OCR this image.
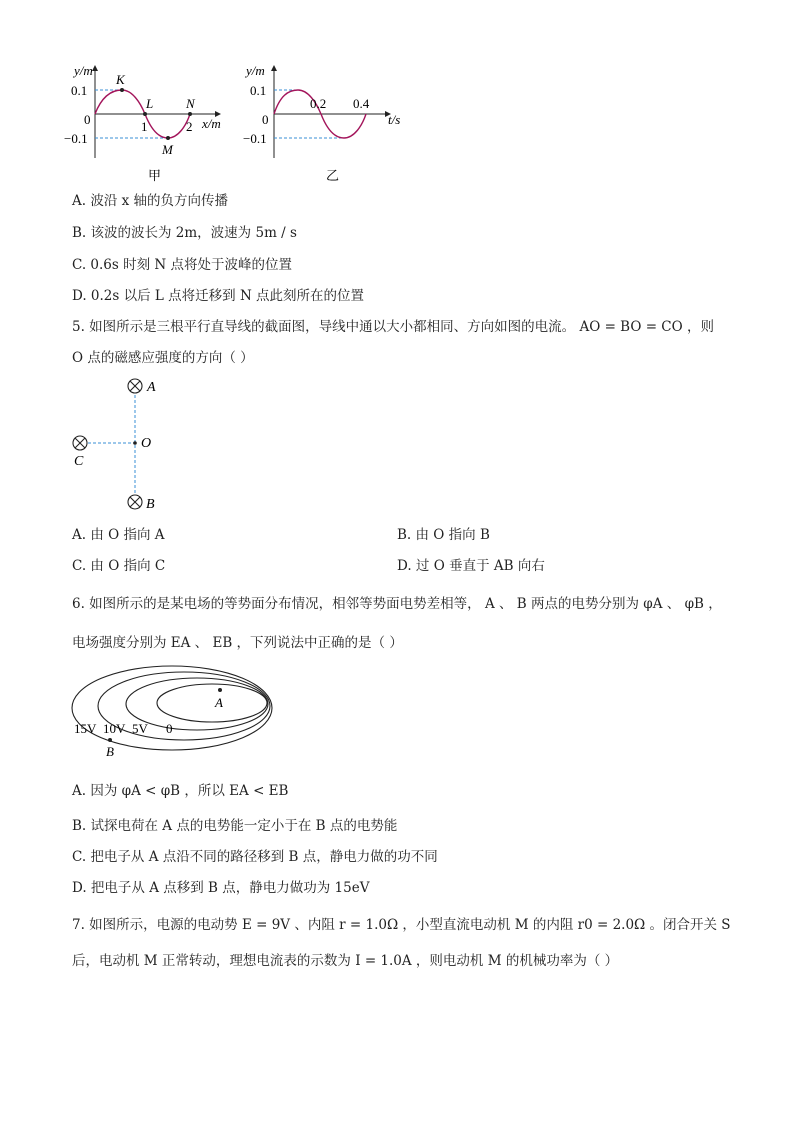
y/m
0.1
0
−0.1
1	2 x/m
K
L
M
N
甲
y/m
0.1
0
−0.1
0.2 0.4
t/s
乙
A. 波沿 x 轴的负方向传播
B. 该波的波长为 2m，波速为 5m / s
C. 0.6s 时刻 N 点将处于波峰的位置
D. 0.2s 以后 L 点将迁移到 N 点此刻所在的位置
5. 如图所示是三根平行直导线的截面图，导线中通以大小都相同、方向如图的电流。 AO = BO = CO ，则
O 点的磁感应强度的方向（ ）
A
O
C
B
A. 由 O 指向 A	B. 由 O 指向 B
C. 由 O 指向 C	D. 过 O 垂直于 AB 向右
6. 如图所示的是某电场的等势面分布情况，相邻等势面电势差相等， A 、 B 两点的电势分别为 φA 、 φB ，
电场强度分别为 EA 、 EB ，下列说法中正确的是（ ）
A
15V 10V 5V 0
B
A. 因为 φA < φB ，所以 EA < EB
B. 试探电荷在 A 点的电势能一定小于在 B 点的电势能
C. 把电子从 A 点沿不同的路径移到 B 点，静电力做的功不同
D. 把电子从 A 点移到 B 点，静电力做功为 15eV
7. 如图所示，电源的电动势 E = 9V 、内阻 r = 1.0Ω ，小型直流电动机 M 的内阻 r0 = 2.0Ω 。闭合开关 S
后，电动机 M 正常转动，理想电流表的示数为 I = 1.0A ，则电动机 M 的机械功率为（ ）
